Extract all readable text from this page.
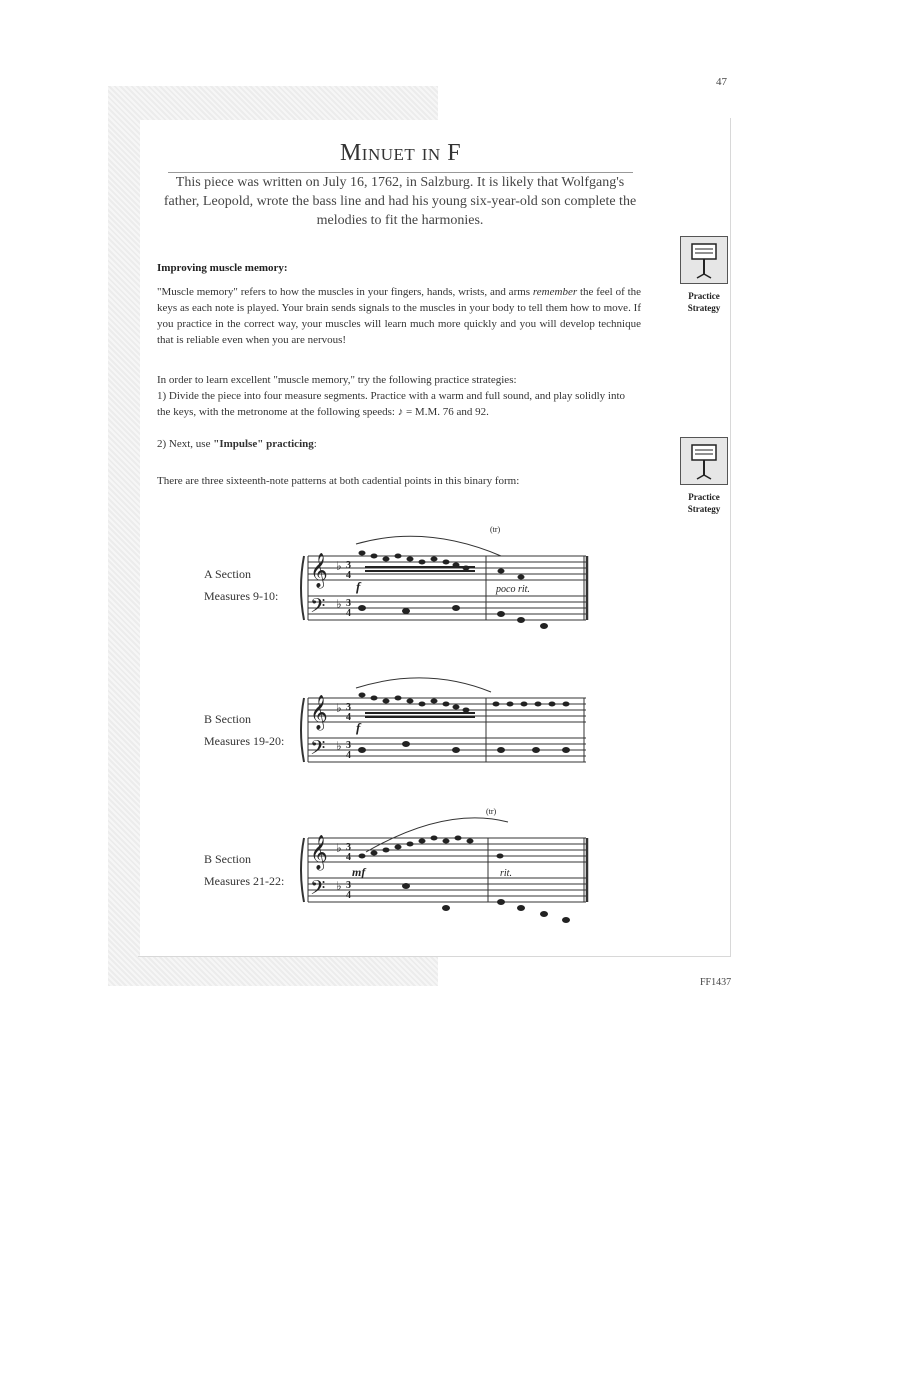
47
Minuet in F
This piece was written on July 16, 1762, in Salzburg. It is likely that Wolfgang's father, Leopold, wrote the bass line and had his young six-year-old son complete the melodies to fit the harmonies.
Improving muscle memory:
"Muscle memory" refers to how the muscles in your fingers, hands, wrists, and arms remember the feel of the keys as each note is played. Your brain sends signals to the muscles in your body to tell them how to move. If you practice in the correct way, your muscles will learn much more quickly and you will develop technique that is reliable even when you are nervous!
In order to learn excellent "muscle memory," try the following practice strategies:
1) Divide the piece into four measure segments. Practice with a warm and full sound, and play solidly into the keys, with the metronome at the following speeds: ♪ = M.M. 76 and 92.
2) Next, use "Impulse" practicing:
There are three sixteenth-note patterns at both cadential points in this binary form:
Practice
Strategy
Practice
Strategy
A Section
Measures 9-10:
B Section
Measures 19-20:
B Section
Measures 21-22:
𝄞
𝄢
♭
♭
3
4
3
4
f	poco rit.
(tr)
𝄞
𝄢
♭
♭
3
4
3
4
f
𝄞
𝄢
♭
♭
3
4
3
4
mf	rit.
(tr)
FF1437
